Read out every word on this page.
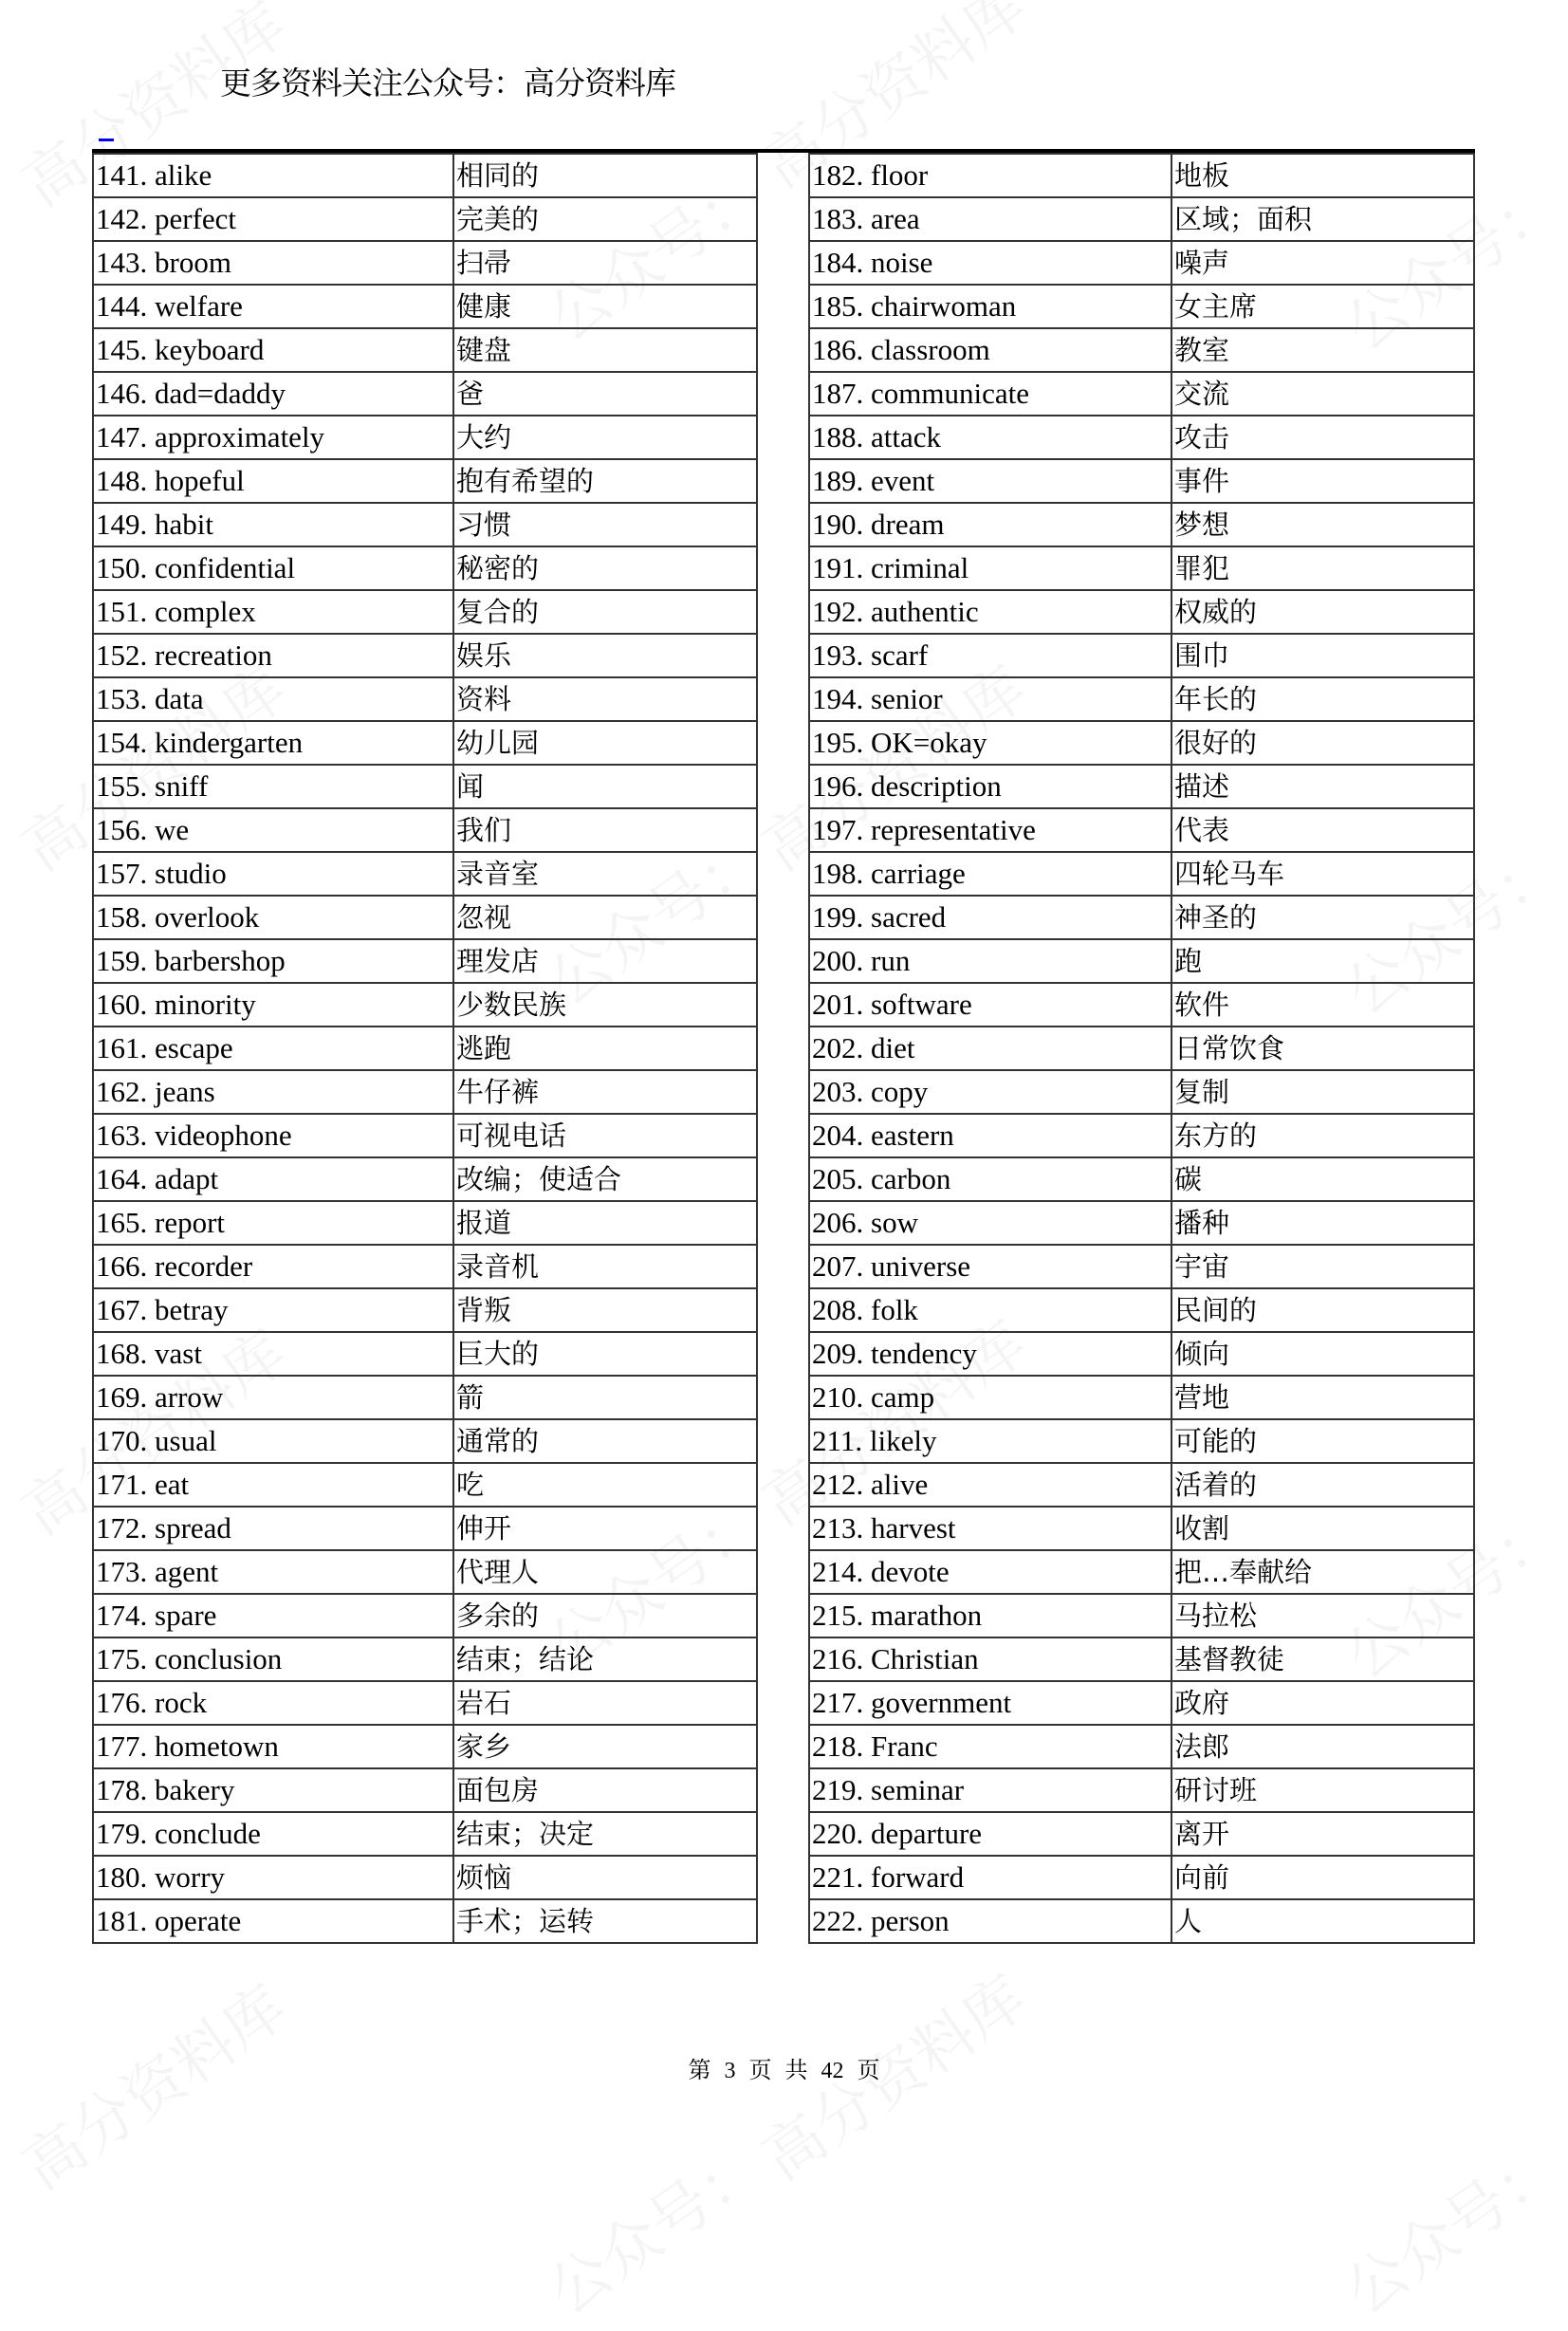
更多资料关注公众号：高分资料库
141. alike	相同的
142. perfect	完美的
143. broom	扫帚
144. welfare	健康
145. keyboard	键盘
146. dad=daddy	爸
147. approximately	大约
148. hopeful	抱有希望的
149. habit	习惯
150. confidential	秘密的
151. complex	复合的
152. recreation	娱乐
153. data	资料
154. kindergarten	幼儿园
155. sniff	闻
156. we	我们
157. studio	录音室
158. overlook	忽视
159. barbershop	理发店
160. minority	少数民族
161. escape	逃跑
162. jeans	牛仔裤
163. videophone	可视电话
164. adapt	改编；使适合
165. report	报道
166. recorder	录音机
167. betray	背叛
168. vast	巨大的
169. arrow	箭
170. usual	通常的
171. eat	吃
172. spread	伸开
173. agent	代理人
174. spare	多余的
175. conclusion	结束；结论
176. rock	岩石
177. hometown	家乡
178. bakery	面包房
179. conclude	结束；决定
180. worry	烦恼
181. operate	手术；运转
182. floor	地板
183. area	区域；面积
184. noise	噪声
185. chairwoman	女主席
186. classroom	教室
187. communicate	交流
188. attack	攻击
189. event	事件
190. dream	梦想
191. criminal	罪犯
192. authentic	权威的
193. scarf	围巾
194. senior	年长的
195. OK=okay	很好的
196. description	描述
197. representative	代表
198. carriage	四轮马车
199. sacred	神圣的
200. run	跑
201. software	软件
202. diet	日常饮食
203. copy	复制
204. eastern	东方的
205. carbon	碳
206. sow	播种
207. universe	宇宙
208. folk	民间的
209. tendency	倾向
210. camp	营地
211. likely	可能的
212. alive	活着的
213. harvest	收割
214. devote	把…奉献给
215. marathon	马拉松
216. Christian	基督教徒
217. government	政府
218. Franc	法郎
219. seminar	研讨班
220. departure	离开
221. forward	向前
222. person	人
第 3 页 共 42 页
